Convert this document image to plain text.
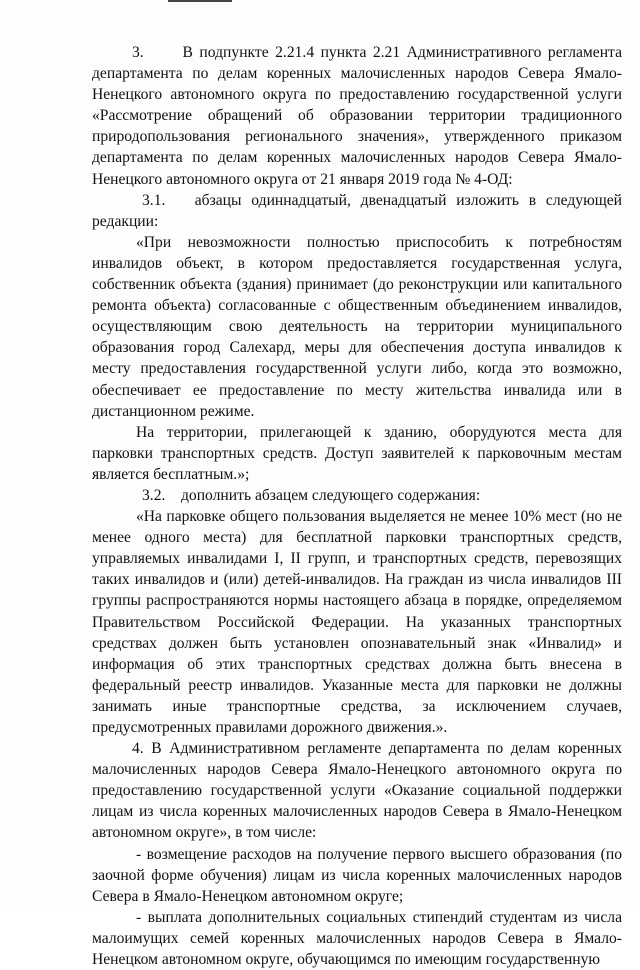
3.      В подпункте 2.21.4 пункта 2.21 Административного регламента департамента по делам коренных малочисленных народов Севера Ямало-Ненецкого автономного округа по предоставлению государственной услуги «Рассмотрение обращений об образовании территории традиционного природопользования регионального значения», утвержденного приказом департамента по делам коренных малочисленных народов Севера Ямало-Ненецкого автономного округа от 21 января 2019 года № 4-ОД:

3.1.   абзацы одиннадцатый, двенадцатый изложить в следующей редакции:

«При невозможности полностью приспособить к потребностям инвалидов объект, в котором предоставляется государственная услуга, собственник объекта (здания) принимает (до реконструкции или капитального ремонта объекта) согласованные с общественным объединением инвалидов, осуществляющим свою деятельность на территории муниципального образования город Салехард, меры для обеспечения доступа инвалидов к месту предоставления государственной услуги либо, когда это возможно, обеспечивает ее предоставление по месту жительства инвалида или в дистанционном режиме.

На территории, прилегающей к зданию, оборудуются места для парковки транспортных средств. Доступ заявителей к парковочным местам является бесплатным.»;

3.2.    дополнить абзацем следующего содержания:

«На парковке общего пользования выделяется не менее 10% мест (но не менее одного места) для бесплатной парковки транспортных средств, управляемых инвалидами I, II групп, и транспортных средств, перевозящих таких инвалидов и (или) детей-инвалидов. На граждан из числа инвалидов III группы распространяются нормы настоящего абзаца в порядке, определяемом Правительством Российской Федерации. На указанных транспортных средствах должен быть установлен опознавательный знак «Инвалид» и информация об этих транспортных средствах должна быть внесена в федеральный реестр инвалидов. Указанные места для парковки не должны занимать иные транспортные средства, за исключением случаев, предусмотренных правилами дорожного движения.».

4. В Административном регламенте департамента по делам коренных малочисленных народов Севера Ямало-Ненецкого автономного округа по предоставлению государственной услуги «Оказание социальной поддержки лицам из числа коренных малочисленных народов Севера в Ямало-Ненецком автономном округе», в том числе:

- возмещение расходов на получение первого высшего образования (по заочной форме обучения) лицам из числа коренных малочисленных народов Севера в Ямало-Ненецком автономном округе;

- выплата дополнительных социальных стипендий студентам из числа малоимущих семей коренных малочисленных народов Севера в Ямало-Ненецком автономном округе, обучающимся по имеющим государственную
